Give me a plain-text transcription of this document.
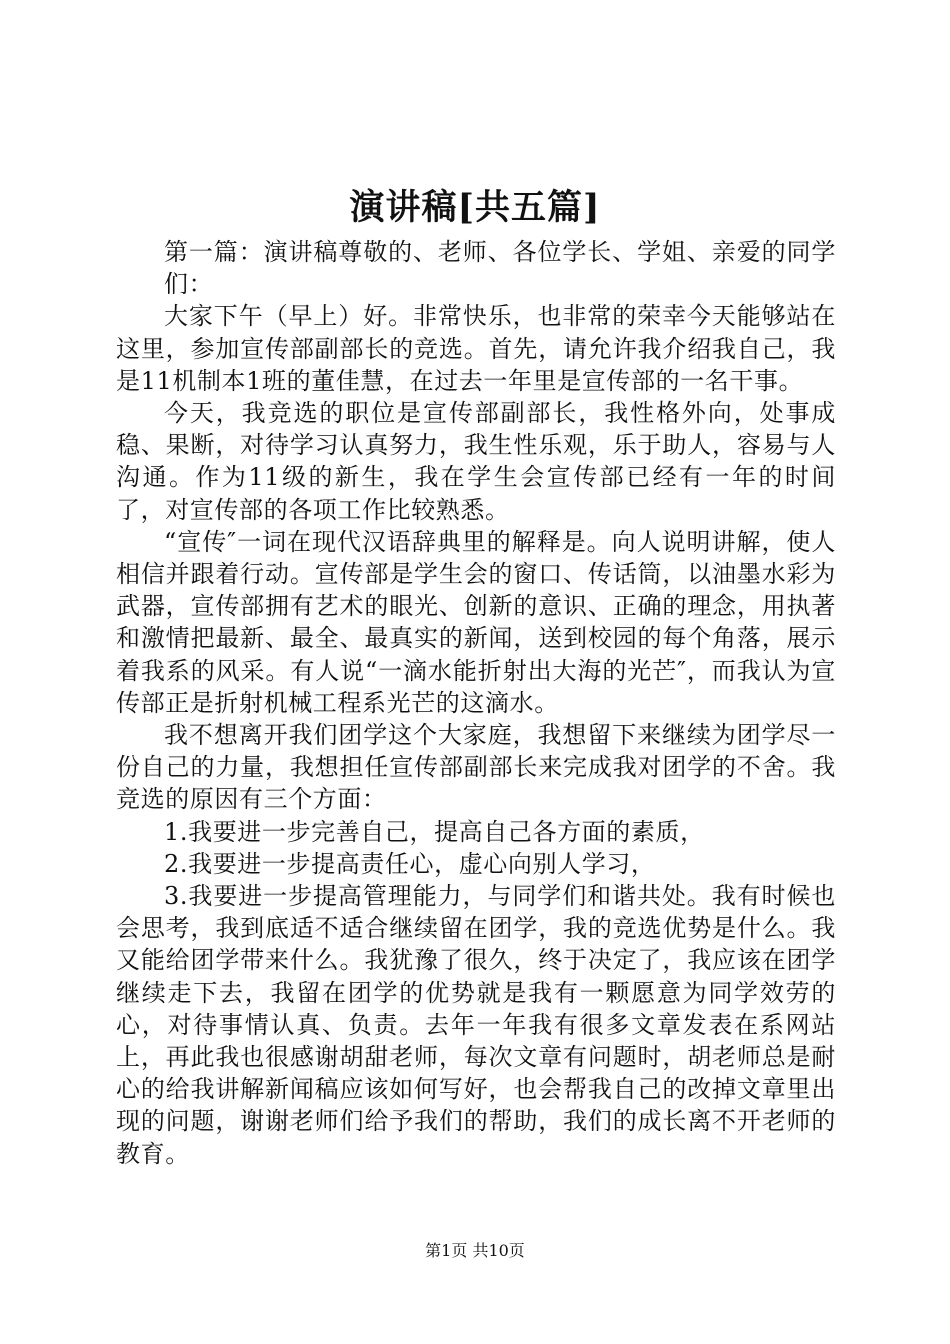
演讲稿[共五篇]

第一篇：演讲稿尊敬的、老师、各位学长、学姐、亲爱的同学们：

大家下午（早上）好。非常快乐，也非常的荣幸今天能够站在这里，参加宣传部副部长的竞选。首先，请允许我介绍我自己，我是11机制本1班的董佳慧，在过去一年里是宣传部的一名干事。

今天，我竞选的职位是宣传部副部长，我性格外向，处事成稳、果断，对待学习认真努力，我生性乐观，乐于助人，容易与人沟通。作为11级的新生，我在学生会宣传部已经有一年的时间了，对宣传部的各项工作比较熟悉。

“宣传″一词在现代汉语辞典里的解释是。向人说明讲解，使人相信并跟着行动。宣传部是学生会的窗口、传话筒，以油墨水彩为武器，宣传部拥有艺术的眼光、创新的意识、正确的理念，用执著和激情把最新、最全、最真实的新闻，送到校园的每个角落，展示着我系的风采。有人说“一滴水能折射出大海的光芒″，而我认为宣传部正是折射机械工程系光芒的这滴水。

我不想离开我们团学这个大家庭，我想留下来继续为团学尽一份自己的力量，我想担任宣传部副部长来完成我对团学的不舍。我竞选的原因有三个方面：

1.我要进一步完善自己，提高自己各方面的素质，

2.我要进一步提高责任心，虚心向别人学习，

3.我要进一步提高管理能力，与同学们和谐共处。我有时候也会思考，我到底适不适合继续留在团学，我的竞选优势是什么。我又能给团学带来什么。我犹豫了很久，终于决定了，我应该在团学继续走下去，我留在团学的优势就是我有一颗愿意为同学效劳的心，对待事情认真、负责。去年一年我有很多文章发表在系网站上，再此我也很感谢胡甜老师，每次文章有问题时，胡老师总是耐心的给我讲解新闻稿应该如何写好，也会帮我自己的改掉文章里出现的问题，谢谢老师们给予我们的帮助，我们的成长离不开老师的教育。

第1页 共10页
